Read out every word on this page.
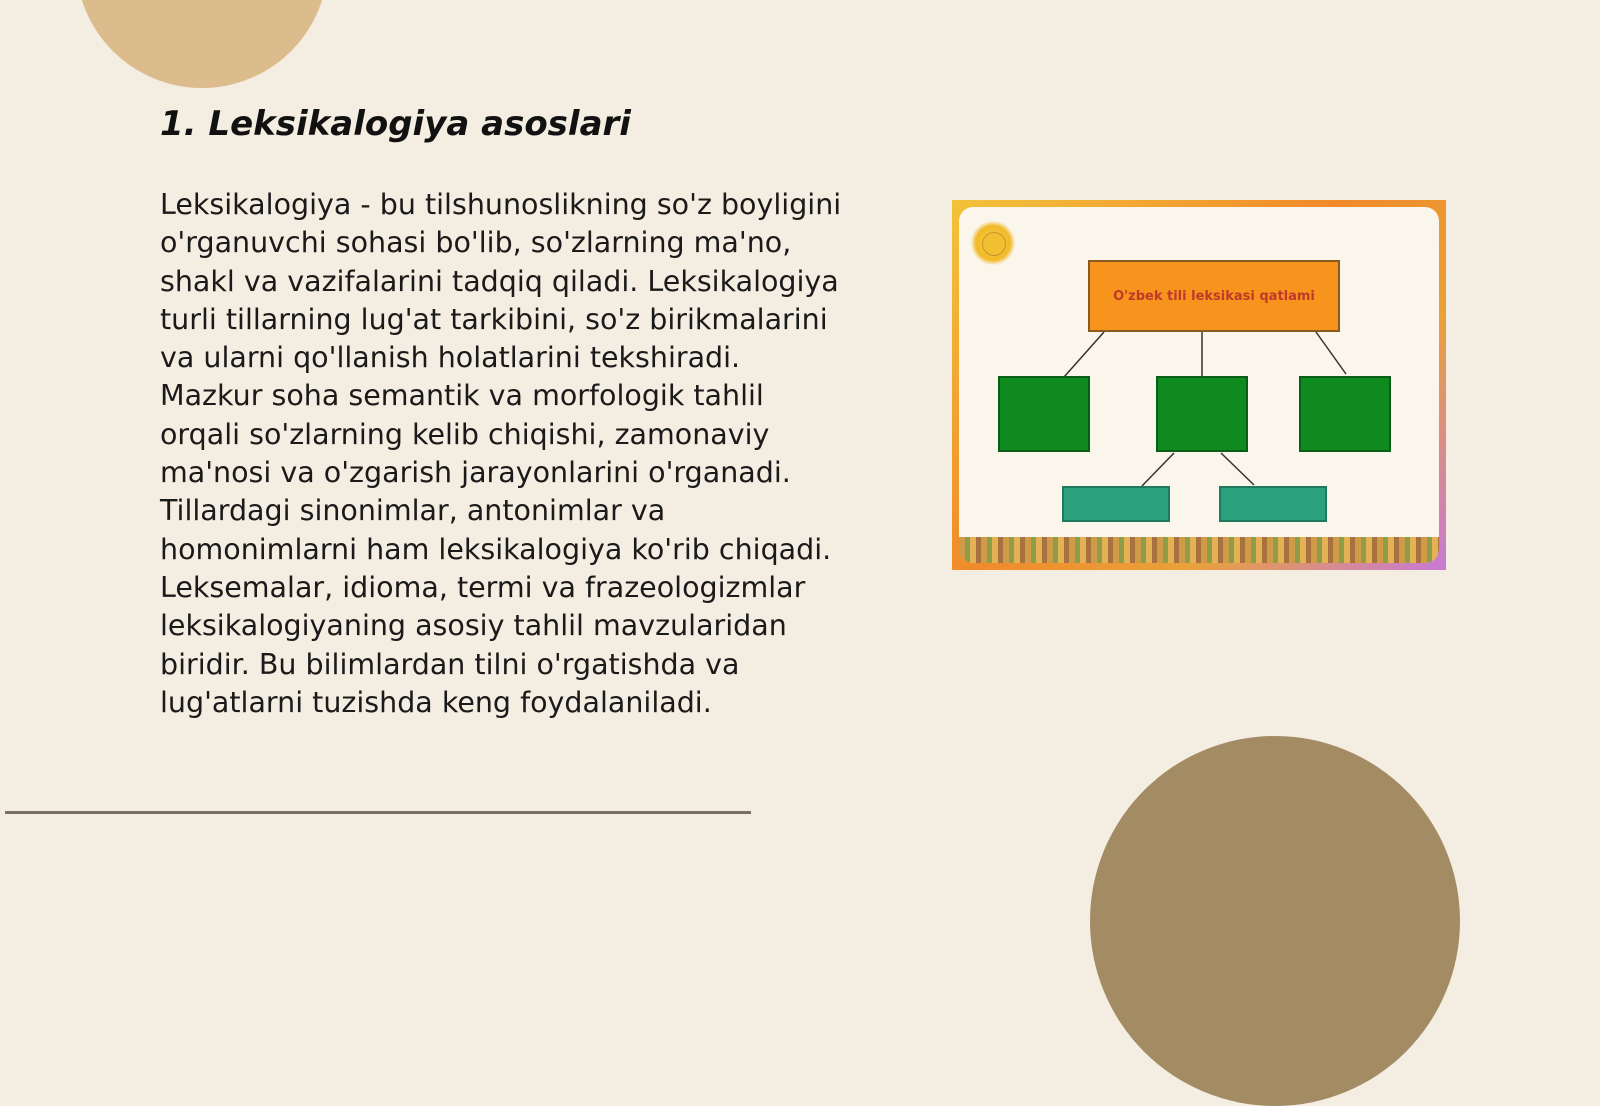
1. Leksikalogiya asoslari

Leksikalogiya - bu tilshunoslikning so'z boyligini o'rganuvchi sohasi bo'lib, so'zlarning ma'no, shakl va vazifalarini tadqiq qiladi. Leksikalogiya turli tillarning lug'at tarkibini, so'z birikmalarini va ularni qo'llanish holatlarini tekshiradi. Mazkur soha semantik va morfologik tahlil orqali so'zlarning kelib chiqishi, zamonaviy ma'nosi va o'zgarish jarayonlarini o'rganadi. Tillardagi sinonimlar, antonimlar va homonimlarni ham leksikalogiya ko'rib chiqadi. Leksemalar, idioma, termi va frazeologizmlar leksikalogiyaning asosiy tahlil mavzularidan biridir. Bu bilimlardan tilni o'rgatishda va lug'atlarni tuzishda keng foydalaniladi.

O'zbek tili leksikasi qatlami
